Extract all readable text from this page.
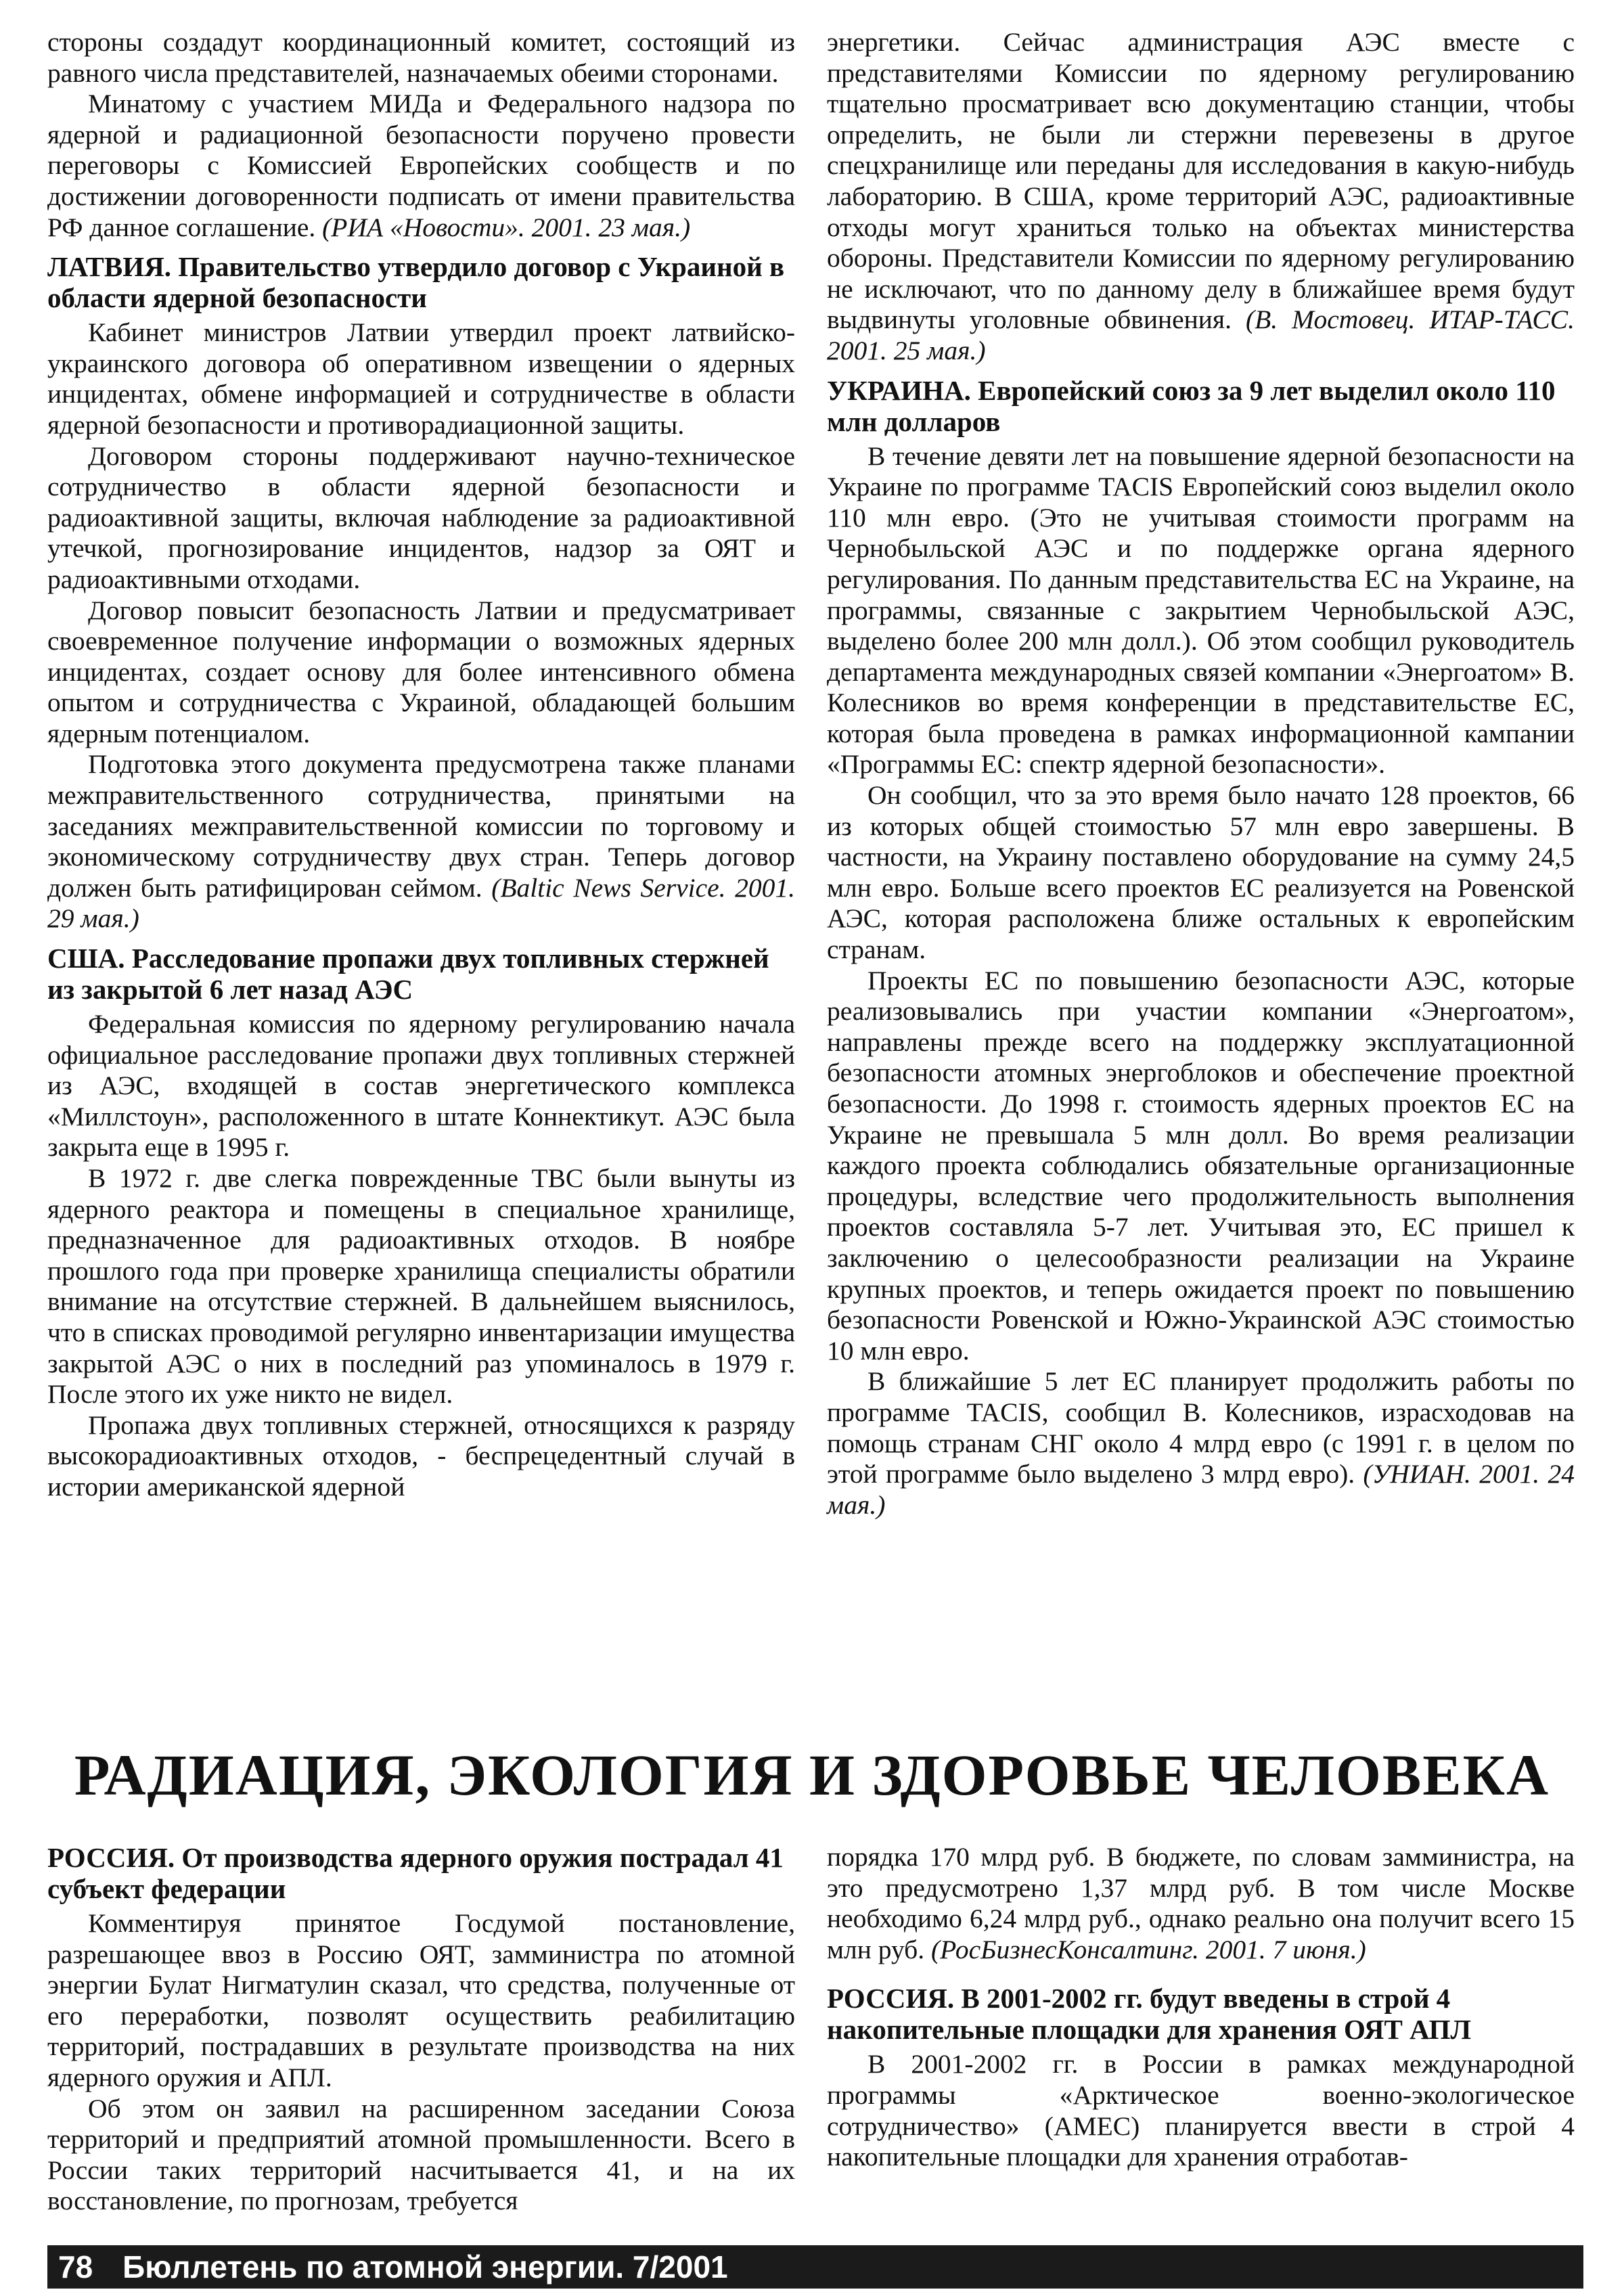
стороны создадут координационный комитет, состоящий из равного числа представителей, назначаемых обеими сторонами.

Минатому с участием МИДа и Федерального надзора по ядерной и радиационной безопасности поручено провести переговоры с Комиссией Европейских сообществ и по достижении договоренности подписать от имени правительства РФ данное соглашение. (РИА «Новости». 2001. 23 мая.)

ЛАТВИЯ. Правительство утвердило договор с Украиной в области ядерной безопасности

Кабинет министров Латвии утвердил проект латвийско-украинского договора об оперативном извещении о ядерных инцидентах, обмене информацией и сотрудничестве в области ядерной безопасности и противорадиационной защиты.

Договором стороны поддерживают научно-техническое сотрудничество в области ядерной безопасности и радиоактивной защиты, включая наблюдение за радиоактивной утечкой, прогнозирование инцидентов, надзор за ОЯТ и радиоактивными отходами.

Договор повысит безопасность Латвии и предусматривает своевременное получение информации о возможных ядерных инцидентах, создает основу для более интенсивного обмена опытом и сотрудничества с Украиной, обладающей большим ядерным потенциалом.

Подготовка этого документа предусмотрена также планами межправительственного сотрудничества, принятыми на заседаниях межправительственной комиссии по торговому и экономическому сотрудничеству двух стран. Теперь договор должен быть ратифицирован сеймом. (Baltic News Service. 2001. 29 мая.)

США. Расследование пропажи двух топливных стержней из закрытой 6 лет назад АЭС

Федеральная комиссия по ядерному регулированию начала официальное расследование пропажи двух топливных стержней из АЭС, входящей в состав энергетического комплекса «Миллстоун», расположенного в штате Коннектикут. АЭС была закрыта еще в 1995 г.

В 1972 г. две слегка поврежденные ТВС были вынуты из ядерного реактора и помещены в специальное хранилище, предназначенное для радиоактивных отходов. В ноябре прошлого года при проверке хранилища специалисты обратили внимание на отсутствие стержней. В дальнейшем выяснилось, что в списках проводимой регулярно инвентаризации имущества закрытой АЭС о них в последний раз упоминалось в 1979 г. После этого их уже никто не видел.

Пропажа двух топливных стержней, относящихся к разряду высокорадиоактивных отходов, - беспрецедентный случай в истории американской ядерной

энергетики. Сейчас администрация АЭС вместе с представителями Комиссии по ядерному регулированию тщательно просматривает всю документацию станции, чтобы определить, не были ли стержни перевезены в другое спецхранилище или переданы для исследования в какую-нибудь лабораторию. В США, кроме территорий АЭС, радиоактивные отходы могут храниться только на объектах министерства обороны. Представители Комиссии по ядерному регулированию не исключают, что по данному делу в ближайшее время будут выдвинуты уголовные обвинения. (В. Мостовец. ИТАР-ТАСС. 2001. 25 мая.)

УКРАИНА. Европейский союз за 9 лет выделил около 110 млн долларов

В течение девяти лет на повышение ядерной безопасности на Украине по программе TACIS Европейский союз выделил около 110 млн евро. (Это не учитывая стоимости программ на Чернобыльской АЭС и по поддержке органа ядерного регулирования. По данным представительства ЕС на Украине, на программы, связанные с закрытием Чернобыльской АЭС, выделено более 200 млн долл.). Об этом сообщил руководитель департамента международных связей компании «Энергоатом» В. Колесников во время конференции в представительстве ЕС, которая была проведена в рамках информационной кампании «Программы ЕС: спектр ядерной безопасности».

Он сообщил, что за это время было начато 128 проектов, 66 из которых общей стоимостью 57 млн евро завершены. В частности, на Украину поставлено оборудование на сумму 24,5 млн евро. Больше всего проектов ЕС реализуется на Ровенской АЭС, которая расположена ближе остальных к европейским странам.

Проекты ЕС по повышению безопасности АЭС, которые реализовывались при участии компании «Энергоатом», направлены прежде всего на поддержку эксплуатационной безопасности атомных энергоблоков и обеспечение проектной безопасности. До 1998 г. стоимость ядерных проектов ЕС на Украине не превышала 5 млн долл. Во время реализации каждого проекта соблюдались обязательные организационные процедуры, вследствие чего продолжительность выполнения проектов составляла 5-7 лет. Учитывая это, ЕС пришел к заключению о целесообразности реализации на Украине крупных проектов, и теперь ожидается проект по повышению безопасности Ровенской и Южно-Украинской АЭС стоимостью 10 млн евро.

В ближайшие 5 лет ЕС планирует продолжить работы по программе TACIS, сообщил В. Колесников, израсходовав на помощь странам СНГ около 4 млрд евро (с 1991 г. в целом по этой программе было выделено 3 млрд евро). (УНИАН. 2001. 24 мая.)

РАДИАЦИЯ, ЭКОЛОГИЯ И ЗДОРОВЬЕ ЧЕЛОВЕКА
РОССИЯ. От производства ядерного оружия пострадал 41 субъект федерации

Комментируя принятое Госдумой постановление, разрешающее ввоз в Россию ОЯТ, замминистра по атомной энергии Булат Нигматулин сказал, что средства, полученные от его переработки, позволят осуществить реабилитацию территорий, пострадавших в результате производства на них ядерного оружия и АПЛ.

Об этом он заявил на расширенном заседании Союза территорий и предприятий атомной промышленности. Всего в России таких территорий насчитывается 41, и на их восстановление, по прогнозам, требуется

порядка 170 млрд руб. В бюджете, по словам замминистра, на это предусмотрено 1,37 млрд руб. В том числе Москве необходимо 6,24 млрд руб., однако реально она получит всего 15 млн руб. (РосБизнесКонсалтинг. 2001. 7 июня.)

РОССИЯ. В 2001-2002 гг. будут введены в строй 4 накопительные площадки для хранения ОЯТ АПЛ

В 2001-2002 гг. в России в рамках международной программы «Арктическое военно-экологическое сотрудничество» (АМЕС) планируется ввести в строй 4 накопительные площадки для хранения отработав-

78 Бюллетень по атомной энергии. 7/2001
